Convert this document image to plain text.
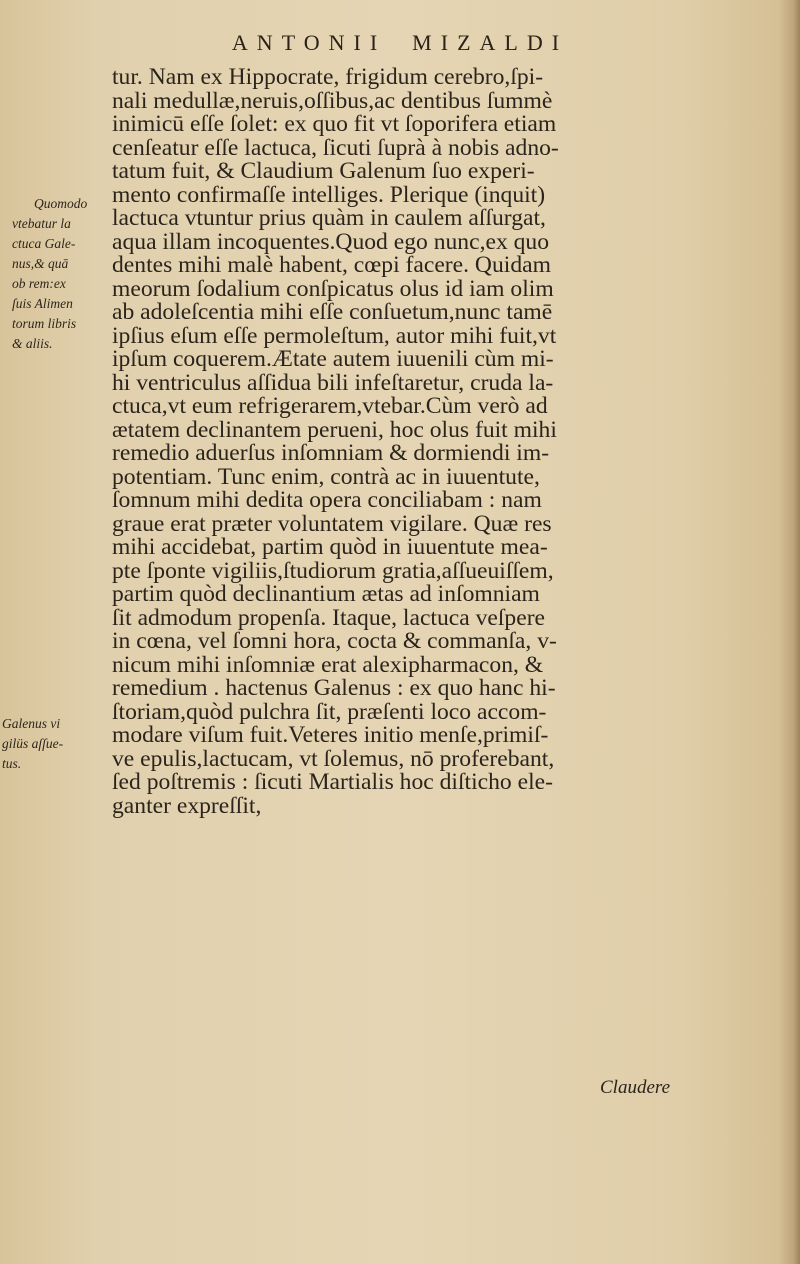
ANTONII MIZALDI
tur. Nam ex Hippocrate, frigidum cerebro,ſpi-
nali medullæ,neruis,oſſibus,ac dentibus ſummè
inimicū eſſe ſolet: ex quo fit vt ſoporifera etiam
cenſeatur eſſe lactuca, ſicuti ſuprà à nobis adno-
tatum fuit, & Claudium Galenum ſuo experi-
mento confirmaſſe intelliges. Plerique (inquit)
lactuca vtuntur prius quàm in caulem aſſurgat,
aqua illam incoquentes.Quod ego nunc,ex quo
dentes mihi malè habent, cœpi facere. Quidam
meorum ſodalium conſpicatus olus id iam olim
ab adoleſcentia mihi eſſe conſuetum,nunc tamē
ipſius eſum eſſe permoleſtum, autor mihi fuit,vt
ipſum coquerem.Ætate autem iuuenili cùm mi-
hi ventriculus aſſidua bili infeſtaretur, cruda la-
ctuca,vt eum refrigerarem,vtebar.Cùm verò ad
ætatem declinantem perueni, hoc olus fuit mihi
remedio aduerſus inſomniam & dormiendi im-
potentiam. Tunc enim, contrà ac in iuuentute,
ſomnum mihi dedita opera conciliabam : nam
graue erat præter voluntatem vigilare. Quæ res
mihi accidebat, partim quòd in iuuentute mea-
pte ſponte vigiliis,ſtudiorum gratia,aſſueuiſſem,
partim quòd declinantium ætas ad inſomniam
ſit admodum propenſa. Itaque, lactuca veſpere
in cœna, vel ſomni hora, cocta & commanſa, v-
nicum mihi inſomniæ erat alexipharmacon, &
remedium . hactenus Galenus : ex quo hanc hi-
ſtoriam,quòd pulchra ſit, præſenti loco accom-
modare viſum fuit.Veteres initio menſe,primiſ-
ve epulis,lactucam, vt ſolemus, nō proferebant,
ſed poſtremis : ſicuti Martialis hoc diſticho ele-
ganter expreſſit,
Quomodo
vtebatur la
ctuca Gale-
nus,& quā
ob rem:ex
ſuis Alimen
torum libris
& aliis.
Galenus vi
gilüs aſſue-
tus.
Claudere
